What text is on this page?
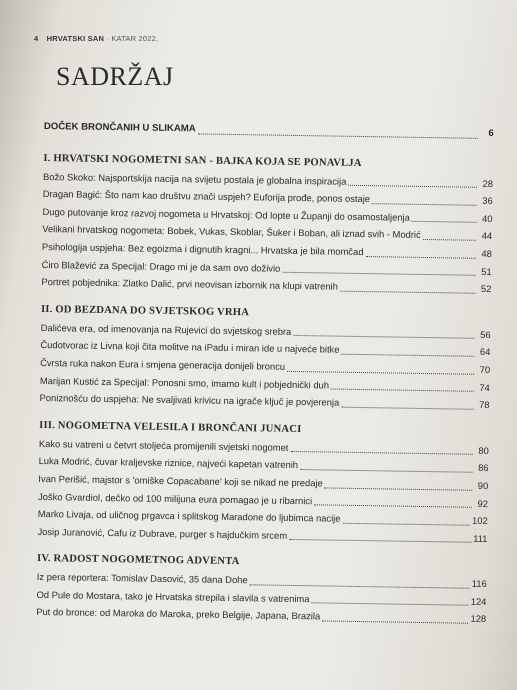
4 HRVATSKI SAN · KATAR 2022.
SADRŽAJ
DOČEK BRONČANIH U SLIKAMA	6
I. HRVATSKI NOGOMETNI SAN - BAJKA KOJA SE PONAVLJA
Božo Skoko: Najsportskija nacija na svijetu postala je globalna inspiracija	28
Dragan Bagić: Što nam kao društvu znači uspjeh? Euforija prođe, ponos ostaje	36
Dugo putovanje kroz razvoj nogometa u Hrvatskoj: Od lopte u Županji do osamostaljenja	40
Velikani hrvatskog nogometa: Bobek, Vukas, Skoblar, Šuker i Boban, ali iznad svih - Modrić	44
Psihologija uspjeha: Bez egoizma i dignutih kragni... Hrvatska je bila momčad	48
Ćiro Blažević za Specijal: Drago mi je da sam ovo doživio	51
Portret pobjednika: Zlatko Dalić, prvi neovisan izbornik na klupi vatrenih	52
II. OD BEZDANA DO SVJETSKOG VRHA
Dalićeva era, od imenovanja na Rujevici do svjetskog srebra	56
Čudotvorac iz Livna koji čita molitve na iPadu i miran ide u najveće bitke	64
Čvrsta ruka nakon Eura i smjena generacija donijeli broncu	70
Marijan Kustić za Specijal: Ponosni smo, imamo kult i pobjednički duh	74
Poniznošću do uspjeha: Ne svaljivati krivicu na igrače ključ je povjerenja	78
III. NOGOMETNA VELESILA I BRONČANI JUNACI
Kako su vatreni u četvrt stoljeća promijenili svjetski nogomet	80
Luka Modrić, čuvar kraljevske riznice, najveći kapetan vatrenih	86
Ivan Perišić, majstor s 'omiške Copacabane' koji se nikad ne predaje	90
Joško Gvardiol, dečko od 100 milijuna eura pomagao je u ribarnici	92
Marko Livaja, od uličnog prgavca i splitskog Maradone do ljubimca nacije	102
Josip Juranović, Cafu iz Dubrave, purger s hajdučkim srcem	111
IV. RADOST NOGOMETNOG ADVENTA
Iz pera reportera: Tomislav Dasović, 35 dana Dohe	116
Od Pule do Mostara, tako je Hrvatska strepila i slavila s vatrenima	124
Put do bronce: od Maroka do Maroka, preko Belgije, Japana, Brazila	128
